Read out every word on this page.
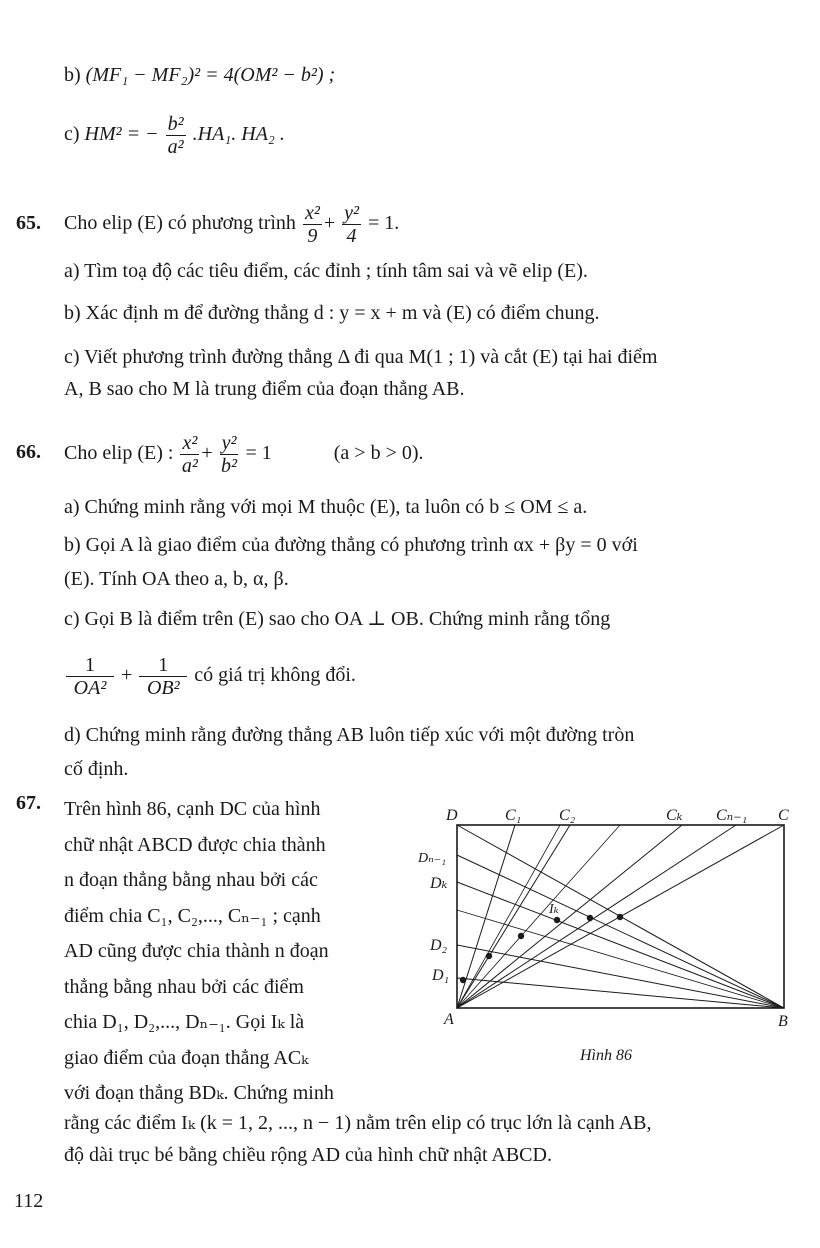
b) (MF₁ − MF₂)² = 4(OM² − b²) ;
c) HM² = − $\frac{\text{b²}}{\text{a²}} .HA_1$. HA₂ .
65. Cho elip (E) có phương trình $\frac{\text{x²}}{9} + \frac{\text{y²}}{4} = 1$.
a) Tìm toạ độ các tiêu điểm, các đỉnh ; tính tâm sai và vẽ elip (E).
b) Xác định m để đường thẳng d : y = x + m và (E) có điểm chung.
c) Viết phương trình đường thẳng Δ đi qua M(1 ; 1) và cắt (E) tại hai điểm
A, B sao cho M là trung điểm của đoạn thẳng AB.
66. Cho elip (E) : $\frac{\text{x²}}{\text{a²}} + \frac{\text{y²}}{\text{b²}} = 1$	(a > b > 0).
a) Chứng minh rằng với mọi M thuộc (E), ta luôn có b ≤ OM ≤ a.
b) Gọi A là giao điểm của đường thẳng có phương trình αx + βy = 0 với
(E). Tính OA theo a, b, α, β.
c) Gọi B là điểm trên (E) sao cho OA ⊥ OB. Chứng minh rằng tổng
$\frac{1}{\text{OA²}} + \frac{1}{\text{OB²}}$ có giá trị không đổi.
d) Chứng minh rằng đường thẳng AB luôn tiếp xúc với một đường tròn
cố định.
67. Trên hình 86, cạnh DC của hình
chữ nhật ABCD được chia thành
n đoạn thẳng bằng nhau bởi các
điểm chia C₁, C₂,..., Cₙ₋₁ ; cạnh
AD cũng được chia thành n đoạn
thẳng bằng nhau bởi các điểm
chia D₁, D₂,..., Dₙ₋₁. Gọi Iₖ là
giao điểm của đoạn thẳng ACₖ
với đoạn thẳng BDₖ. Chứng minh
rằng các điểm Iₖ (k = 1, 2, ..., n − 1) nằm trên elip có trục lớn là cạnh AB,
độ dài trục bé bằng chiều rộng AD của hình chữ nhật ABCD.
D	C
A	B
C₁ C₂	Cₖ Cₙ₋₁
Dₙ₋₁
Dₖ
D₂
D₁
Iₖ
Hình 86
112
